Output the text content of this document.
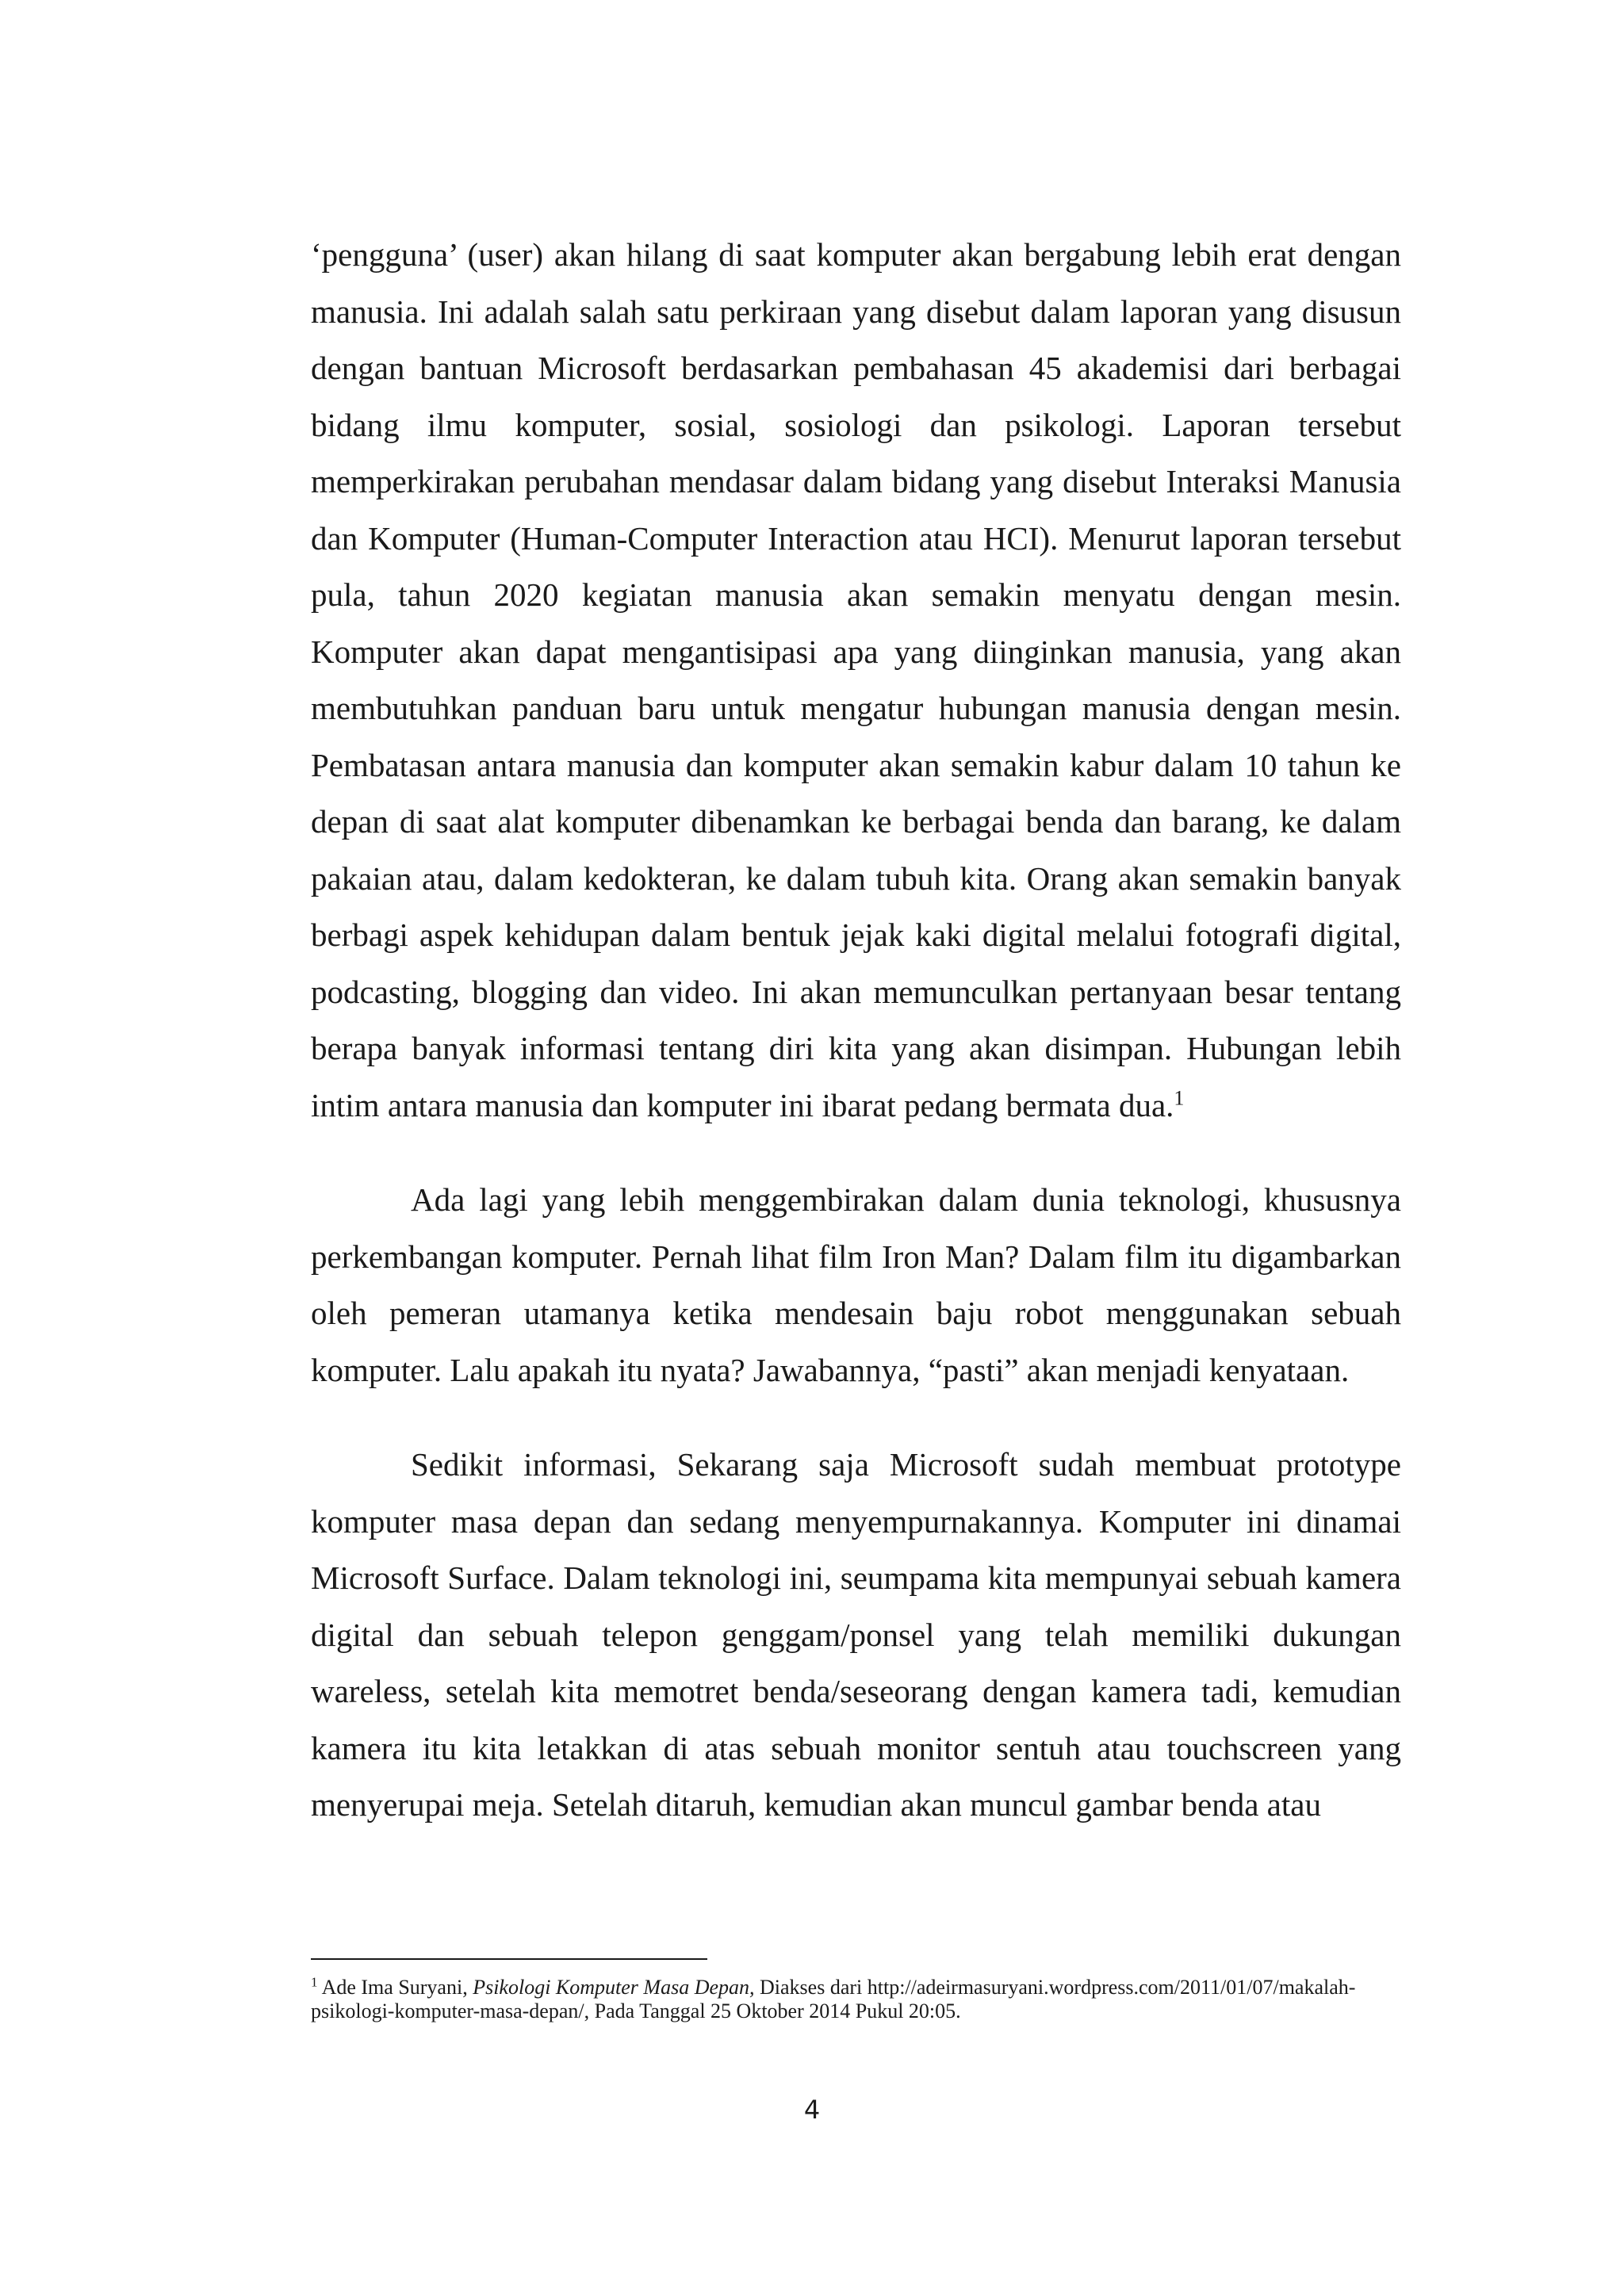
‘pengguna’ (user) akan hilang di saat komputer akan bergabung lebih erat dengan manusia. Ini adalah salah satu perkiraan yang disebut dalam laporan yang disusun dengan bantuan Microsoft berdasarkan pembahasan 45 akademisi dari berbagai bidang ilmu komputer, sosial, sosiologi dan psikologi. Laporan tersebut memperkirakan perubahan mendasar dalam bidang yang disebut Interaksi Manusia dan Komputer (Human-Computer Interaction atau HCI). Menurut laporan tersebut pula, tahun 2020 kegiatan manusia akan semakin menyatu dengan mesin. Komputer akan dapat mengantisipasi apa yang diinginkan manusia, yang akan membutuhkan panduan baru untuk mengatur hubungan manusia dengan mesin. Pembatasan antara manusia dan komputer akan semakin kabur dalam 10 tahun ke depan di saat alat komputer dibenamkan ke berbagai benda dan barang, ke dalam pakaian atau, dalam kedokteran, ke dalam tubuh kita. Orang akan semakin banyak berbagi aspek kehidupan dalam bentuk jejak kaki digital melalui fotografi digital, podcasting, blogging dan video. Ini akan memunculkan pertanyaan besar tentang berapa banyak informasi tentang diri kita yang akan disimpan. Hubungan lebih intim antara manusia dan komputer ini ibarat pedang bermata dua.$^1$

Ada lagi yang lebih menggembirakan dalam dunia teknologi, khususnya perkembangan komputer. Pernah lihat film Iron Man? Dalam film itu digambarkan oleh pemeran utamanya ketika mendesain baju robot menggunakan sebuah komputer. Lalu apakah itu nyata? Jawabannya, “pasti” akan menjadi kenyataan.

Sedikit informasi, Sekarang saja Microsoft sudah membuat prototype komputer masa depan dan sedang menyempurnakannya. Komputer ini dinamai Microsoft Surface. Dalam teknologi ini, seumpama kita mempunyai sebuah kamera digital dan sebuah telepon genggam/ponsel yang telah memiliki dukungan wareless, setelah kita memotret benda/seseorang dengan kamera tadi, kemudian kamera itu kita letakkan di atas sebuah monitor sentuh atau touchscreen yang menyerupai meja. Setelah ditaruh, kemudian akan muncul gambar benda atau

$^1$ Ade Ima Suryani, Psikologi Komputer Masa Depan, Diakses dari http://adeirmasuryani.wordpress.com/2011/01/07/makalah-psikologi-komputer-masa-depan/, Pada Tanggal 25 Oktober 2014 Pukul 20:05.
4
